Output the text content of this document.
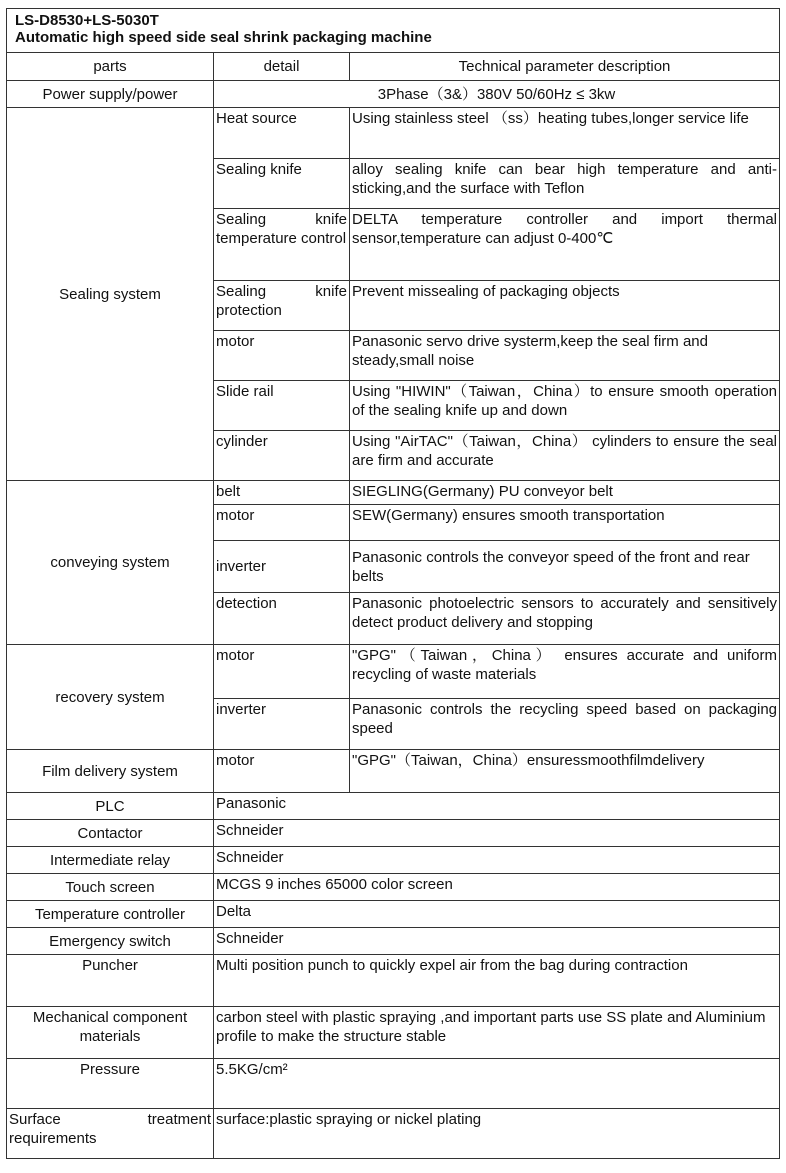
LS-D8530+LS-5030T
Automatic high speed side seal shrink packaging machine		

parts	detail	Technical parameter description
Power supply/power	3Phase（3&）380V 50/60Hz ≤ 3kw	
Sealing system	Heat source	Using stainless steel （ss）heating tubes,longer service life
	Sealing knife	alloy sealing knife can bear high temperature and anti-sticking,and the surface with Teflon
	Sealing knife temperature control	DELTA temperature controller and import thermal sensor,temperature can adjust 0-400℃
	Sealing knife protection	Prevent missealing of packaging objects
	motor	Panasonic servo drive systerm,keep the seal firm and steady,small noise
	Slide rail	Using "HIWIN"（Taiwan，China）to ensure smooth operation of the sealing knife up and down
	cylinder	Using "AirTAC"（Taiwan，China） cylinders to ensure the seal are firm and accurate
conveying system	belt	SIEGLING(Germany) PU conveyor belt
	motor	SEW(Germany) ensures smooth transportation
	inverter	Panasonic controls the conveyor speed of the front and rear belts
	detection	Panasonic photoelectric sensors to accurately and sensitively detect product delivery and stopping
recovery system	motor	"GPG"（Taiwan，China） ensures accurate and uniform recycling of waste materials
	inverter	Panasonic controls the recycling speed based on packaging speed
Film delivery system	motor	"GPG"（Taiwan，China）ensuressmoothfilmdelivery
PLC	Panasonic	
Contactor	Schneider	
Intermediate relay	Schneider	
Touch screen	MCGS 9 inches 65000 color screen	
Temperature controller	Delta	
Emergency switch	Schneider	
Puncher	Multi position punch to quickly expel air from the bag during contraction	
Mechanical component materials	carbon steel with plastic spraying ,and important parts use SS plate and Aluminium profile to make the structure stable	
Pressure	5.5KG/cm²	
Surface treatment requirements	surface:plastic spraying or nickel plating	
